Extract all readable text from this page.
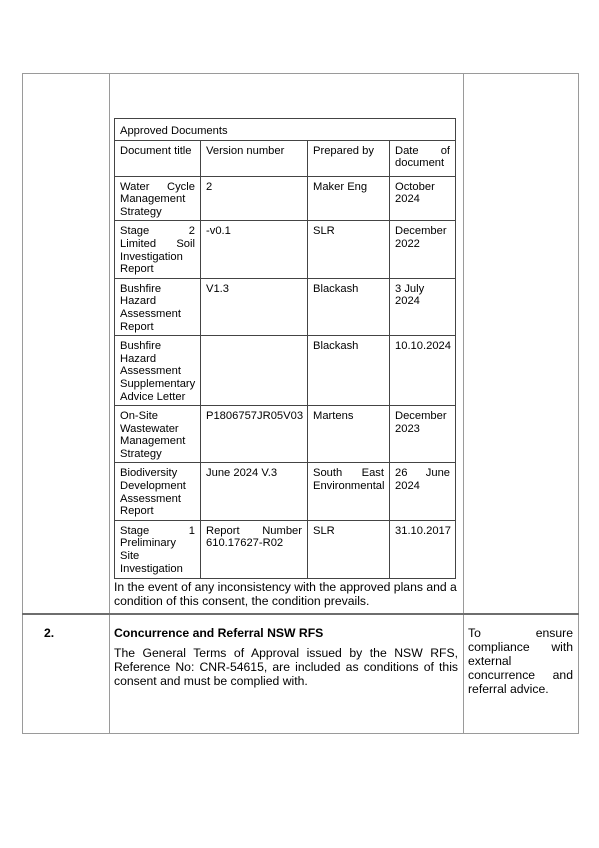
Approved Documents			
Document title	Version number	Prepared by	Date of document
Water Cycle Management Strategy	2	Maker Eng	October 2024
Stage 2 Limited Soil Investigation Report	-v0.1	SLR	December 2022
Bushfire Hazard Assessment Report	V1.3	Blackash	3 July 2024
Bushfire Hazard Assessment Supplementary Advice Letter		Blackash	10.10.2024
On-Site Wastewater Management Strategy	P1806757JR05V03	Martens	December 2023
Biodiversity Development Assessment Report	June 2024 V.3	South East Environmental	26 June 2024
Stage 1 Preliminary Site Investigation	Report Number 610.17627-R02	SLR	31.10.2017
In the event of any inconsistency with the approved plans and a condition of this consent, the condition prevails.
2.	Concurrence and Referral NSW RFS
The General Terms of Approval issued by the NSW RFS, Reference No: CNR-54615, are included as conditions of this consent and must be complied with.
To ensure compliance with external concurrence and referral advice.
